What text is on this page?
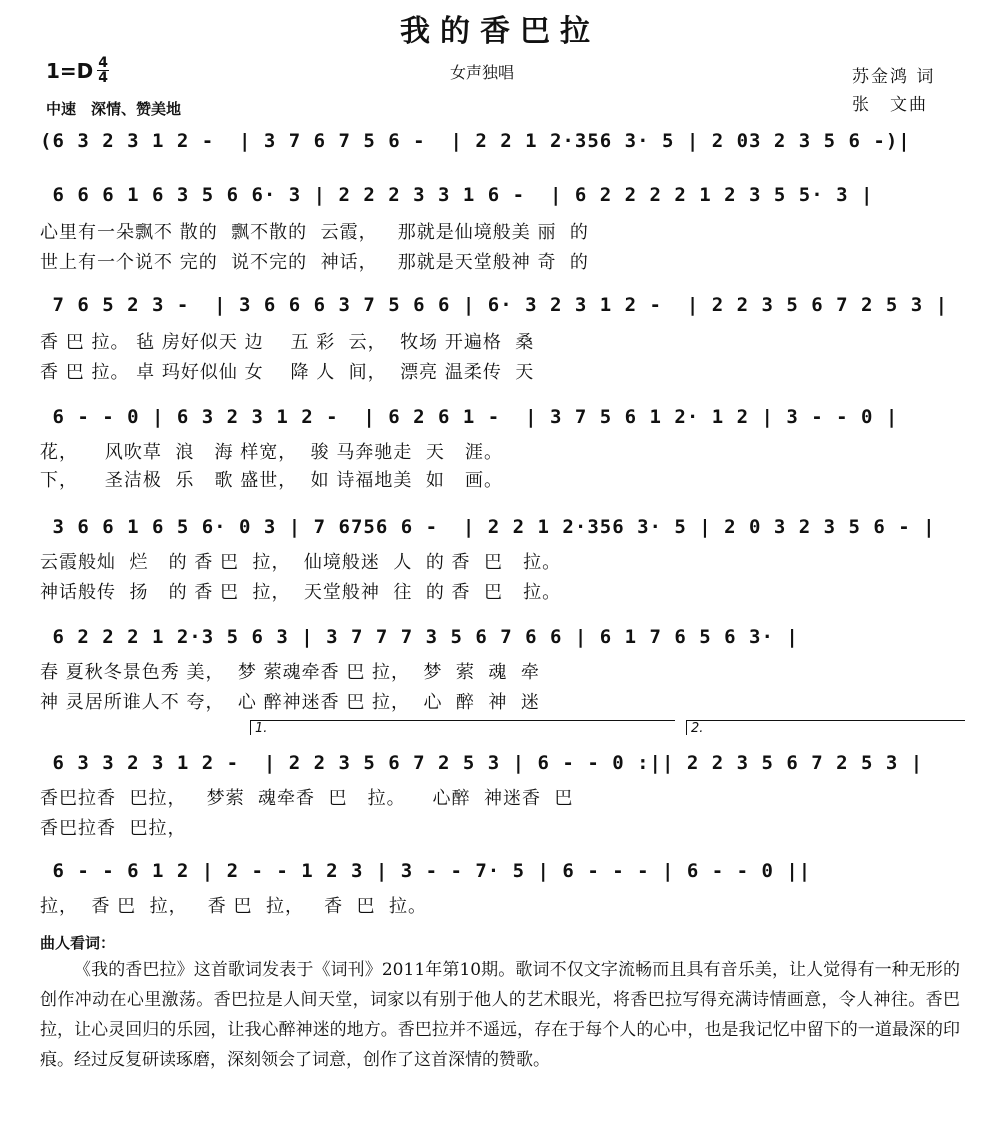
我的香巴拉
$1=D \frac{4}{4}$	女声独唱
中速　深情、赞美地
苏金鸿 词
张　文曲
(6 3 2 3 1 2 -  | 3 7 6 7 5 6 -  | 2 2 1 2·356 3· 5 | 2 03 2 3 5 6 -)|
6 6 6 1 6 3 5 6 6· 3 | 2 2 2 3 3 1 6 -  | 6 2 2 2 2 1 2 3 5 5· 3 |
心里有一朵飘不 散的  飘不散的  云霞，   那就是仙境般美 丽  的
世上有一个说不 完的  说不完的  神话，   那就是天堂般神 奇  的
7 6 5 2 3 -  | 3 6 6 6 3 7 5 6 6 | 6· 3 2 3 1 2 -  | 2 2 3 5 6 7 2 5 3 |
香 巴 拉。 毡 房好似天 边    五 彩  云，  牧场 开遍格  桑
香 巴 拉。 卓 玛好似仙 女    降 人  间，  漂亮 温柔传  天
6 - - 0 | 6 3 2 3 1 2 -  | 6 2 6 1 -  | 3 7 5 6 1 2· 1 2 | 3 - - 0 |
花，    风吹草  浪   海 样宽，  骏 马奔驰走  天   涯。
下，    圣洁极  乐   歌 盛世，  如 诗福地美  如   画。
3 6 6 1 6 5 6· 0 3 | 7 6756 6 -  | 2 2 1 2·356 3· 5 | 2 0 3 2 3 5 6 - |
云霞般灿  烂   的 香 巴  拉，  仙境般迷  人  的 香  巴   拉。
神话般传  扬   的 香 巴  拉，  天堂般神  往  的 香  巴   拉。
6 2 2 2 1 2·3 5 6 3 | 3 7 7 7 3 5 6 7 6 6 | 6 1 7 6 5 6 3· |
春 夏秋冬景色秀 美，  梦 萦魂牵香 巴 拉，  梦  萦  魂  牵
神 灵居所谁人不 夸，  心 醉神迷香 巴 拉，  心  醉  神  迷
1.	2.
6 3 3 2 3 1 2 -  | 2 2 3 5 6 7 2 5 3 | 6 - - 0 :|| 2 2 3 5 6 7 2 5 3 |
香巴拉香  巴拉，   梦萦  魂牵香  巴   拉。    心醉  神迷香  巴
香巴拉香  巴拉，
6 - - 6 1 2 | 2 - - 1 2 3 | 3 - - 7· 5 | 6 - - - | 6 - - 0 ||
拉，  香 巴  拉，   香 巴  拉，   香  巴  拉。
曲人看词：
《我的香巴拉》这首歌词发表于《词刊》2011年第10期。歌词不仅文字流畅而且具有音乐美，让人觉得有一种无形的创作冲动在心里激荡。香巴拉是人间天堂，词家以有别于他人的艺术眼光，将香巴拉写得充满诗情画意，令人神往。香巴拉，让心灵回归的乐园，让我心醉神迷的地方。香巴拉并不遥远，存在于每个人的心中，也是我记忆中留下的一道最深的印痕。经过反复研读琢磨，深刻领会了词意，创作了这首深情的赞歌。
